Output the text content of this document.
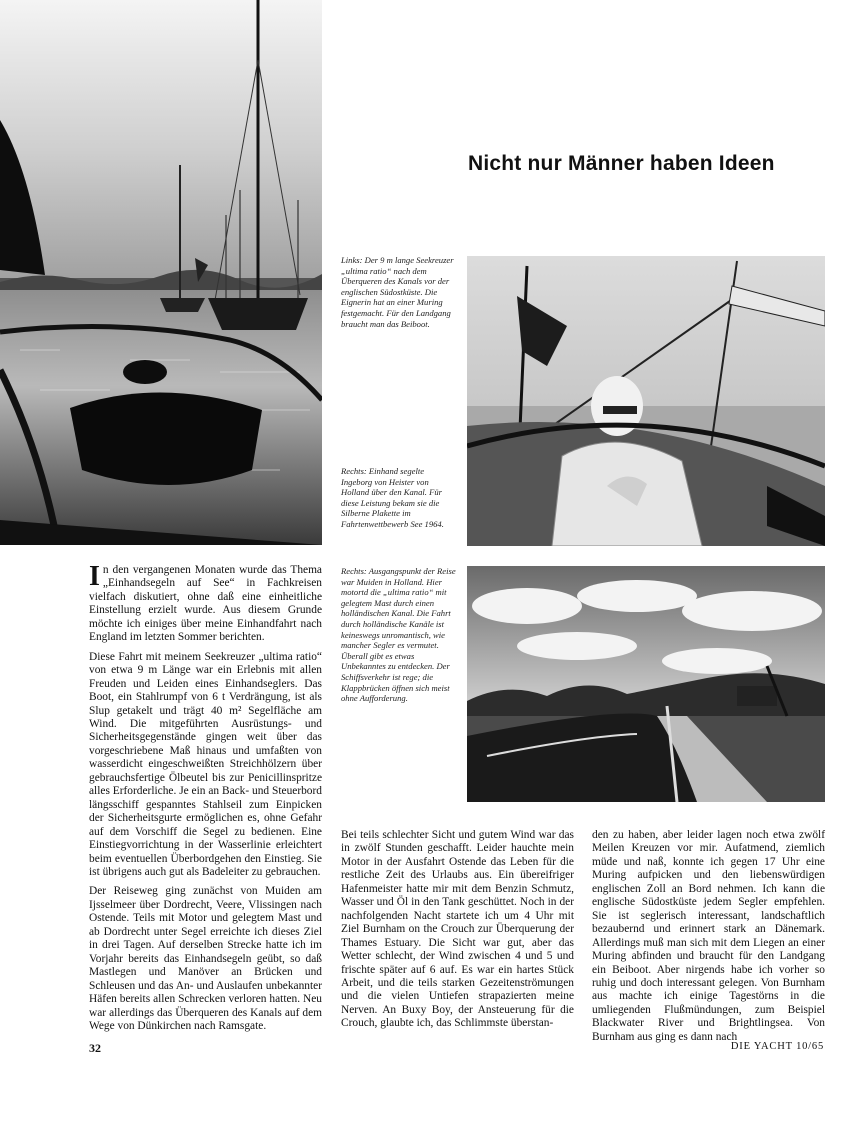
Nicht nur Männer haben Ideen

Links: Der 9 m lange Seekreuzer „ultima ratio“ nach dem Überqueren des Kanals vor der englischen Südostküste. Die Eignerin hat an einer Muring festgemacht. Für den Landgang braucht man das Beiboot.

Rechts: Einhand segelte Ingeborg von Heister von Holland über den Kanal. Für diese Leistung bekam sie die Silberne Plakette im Fahrtenwettbewerb See 1964.

Rechts: Ausgangspunkt der Reise war Muiden in Holland. Hier motortd die „ultima ratio“ mit gelegtem Mast durch einen holländischen Kanal. Die Fahrt durch holländische Kanäle ist keineswegs unromantisch, wie mancher Segler es vermutet. Überall gibt es etwas Unbekanntes zu entdecken. Der Schiffsverkehr ist rege; die Klappbrücken öffnen sich meist ohne Aufforderung.

In den vergangenen Monaten wurde das Thema „Einhandsegeln auf See“ in Fachkreisen vielfach diskutiert, ohne daß eine einheitliche Einstellung erzielt wurde. Aus diesem Grunde möchte ich einiges über meine Einhandfahrt nach England im letzten Sommer berichten.

Diese Fahrt mit meinem Seekreuzer „ultima ratio“ von etwa 9 m Länge war ein Erlebnis mit allen Freuden und Leiden eines Einhandseglers. Das Boot, ein Stahlrumpf von 6 t Verdrängung, ist als Slup getakelt und trägt 40 m² Segelfläche am Wind. Die mitgeführten Ausrüstungs- und Sicherheitsgegenstände gingen weit über das vorgeschriebene Maß hinaus und umfaßten von wasserdicht eingeschweißten Streichhölzern über gebrauchsfertige Ölbeutel bis zur Penicillinspritze alles Erforderliche. Je ein an Back- und Steuerbord längsschiff gespanntes Stahlseil zum Einpicken der Sicherheitsgurte ermöglichen es, ohne Gefahr auf dem Vorschiff die Segel zu bedienen. Eine Einstiegvorrichtung in der Wasserlinie erleichtert beim eventuellen Überbordgehen den Einstieg. Sie ist übrigens auch gut als Badeleiter zu gebrauchen.

Der Reiseweg ging zunächst von Muiden am Ijsselmeer über Dordrecht, Veere, Vlissingen nach Ostende. Teils mit Motor und gelegtem Mast und ab Dordrecht unter Segel erreichte ich dieses Ziel in drei Tagen. Auf derselben Strecke hatte ich im Vorjahr bereits das Einhandsegeln geübt, so daß Mastlegen und Manöver an Brücken und Schleusen und das An- und Auslaufen unbekannter Häfen bereits allen Schrecken verloren hatten. Neu war allerdings das Überqueren des Kanals auf dem Wege von Dünkirchen nach Ramsgate.

Bei teils schlechter Sicht und gutem Wind war das in zwölf Stunden geschafft. Leider hauchte mein Motor in der Ausfahrt Ostende das Leben für die restliche Zeit des Urlaubs aus. Ein übereifriger Hafenmeister hatte mir mit dem Benzin Schmutz, Wasser und Öl in den Tank geschüttet. Noch in der nachfolgenden Nacht startete ich um 4 Uhr mit Ziel Burnham on the Crouch zur Überquerung der Thames Estuary. Die Sicht war gut, aber das Wetter schlecht, der Wind zwischen 4 und 5 und frischte später auf 6 auf. Es war ein hartes Stück Arbeit, und die teils starken Gezeitenströmungen und die vielen Untiefen strapazierten meine Nerven. An Buxy Boy, der Ansteuerung für die Crouch, glaubte ich, das Schlimmste überstan-

den zu haben, aber leider lagen noch etwa zwölf Meilen Kreuzen vor mir. Aufatmend, ziemlich müde und naß, konnte ich gegen 17 Uhr eine Muring aufpicken und den liebenswürdigen englischen Zoll an Bord nehmen. Ich kann die englische Südostküste jedem Segler empfehlen. Sie ist seglerisch interessant, landschaftlich bezaubernd und erinnert stark an Dänemark. Allerdings muß man sich mit dem Liegen an einer Muring abfinden und braucht für den Landgang ein Beiboot. Aber nirgends habe ich vorher so ruhig und doch interessant gelegen. Von Burnham aus machte ich einige Tagestörns in die umliegenden Flußmündungen, zum Beispiel Blackwater River und Brightlingsea. Von Burnham aus ging es dann nach

32	DIE YACHT 10/65
